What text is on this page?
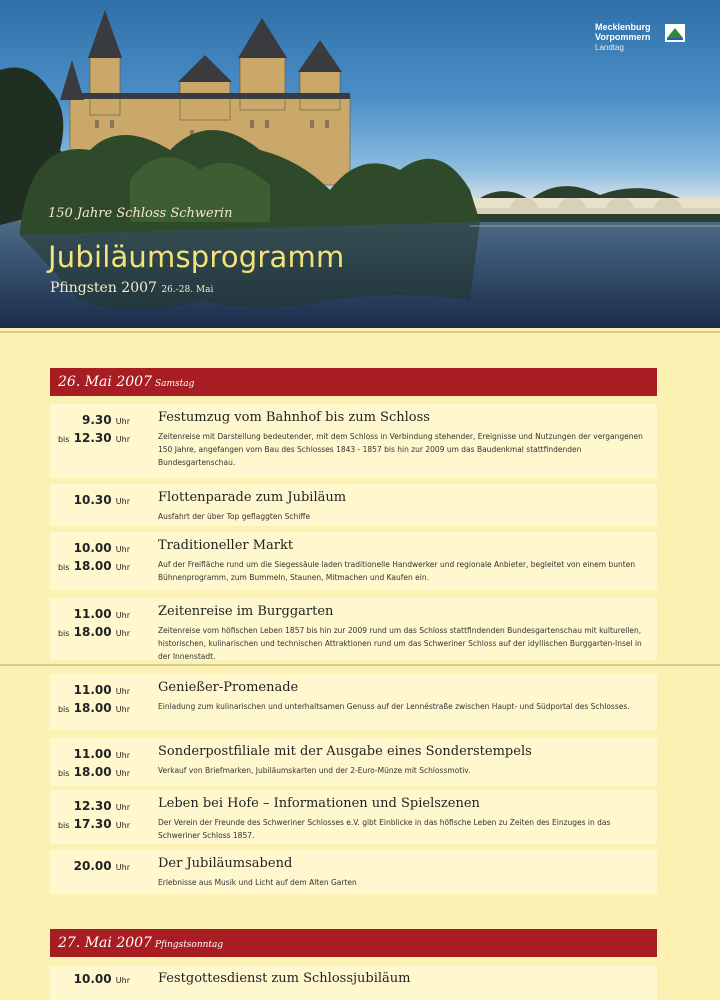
Mecklenburg
Vorpommern
Landtag
150 Jahre Schloss Schwerin
Jubiläumsprogramm
Pfingsten 2007 26.-28. Mai
26. Mai 2007 Samstag
9.30 Uhr
bis 12.30 Uhr
Festumzug vom Bahnhof bis zum Schloss
Zeitenreise mit Darstellung bedeutender, mit dem Schloss in Verbindung stehender, Ereignisse und Nutzungen der vergangenen 150 Jahre, angefangen vom Bau des Schlosses 1843 - 1857 bis hin zur 2009 um das Baudenkmal stattfindenden Bundesgartenschau.
10.30 Uhr Flottenparade zum Jubiläum
Ausfahrt der über Top geflaggten Schiffe
10.00 Uhr
bis 18.00 Uhr
Traditioneller Markt
Auf der Freifläche rund um die Siegessäule laden traditionelle Handwerker und regionale Anbieter, begleitet von einem bunten Bühnenprogramm, zum Bummeln, Staunen, Mitmachen und Kaufen ein.
11.00 Uhr
bis 18.00 Uhr
Zeitenreise im Burggarten
Zeitenreise vom höfischen Leben 1857 bis hin zur 2009 rund um das Schloss stattfindenden Bundesgartenschau mit kulturellen, historischen, kulinarischen und technischen Attraktionen rund um das Schweriner Schloss auf der idyllischen Burggarten-Insel in der Innenstadt.
11.00 Uhr
bis 18.00 Uhr
Genießer-Promenade
Einladung zum kulinarischen und unterhaltsamen Genuss auf der Lennéstraße zwischen Haupt- und Südportal des Schlosses.
11.00 Uhr
bis 18.00 Uhr
Sonderpostfiliale mit der Ausgabe eines Sonderstempels
Verkauf von Briefmarken, Jubiläumskarten und der 2-Euro-Münze mit Schlossmotiv.
12.30 Uhr
bis 17.30 Uhr
Leben bei Hofe – Informationen und Spielszenen
Der Verein der Freunde des Schweriner Schlosses e.V. gibt Einblicke in das höfische Leben zu Zeiten des Einzuges in das Schweriner Schloss 1857.
20.00 Uhr Der Jubiläumsabend
Erlebnisse aus Musik und Licht auf dem Alten Garten
27. Mai 2007 Pfingstsonntag
10.00 Uhr Festgottesdienst zum Schlossjubiläum
